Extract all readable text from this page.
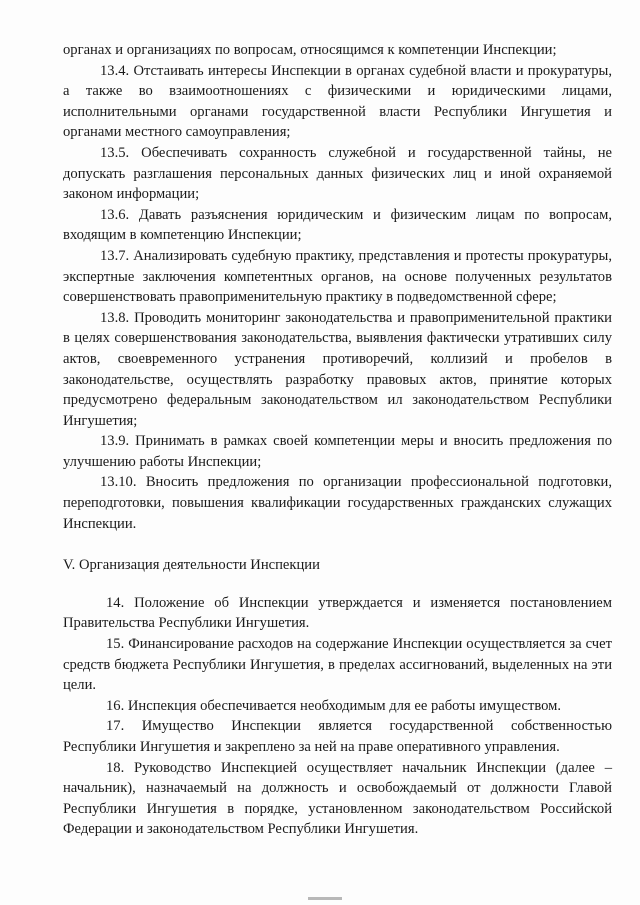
органах и организациях по вопросам, относящимся к компетенции Инспекции;

13.4. Отстаивать интересы Инспекции в органах судебной власти и прокуратуры, а также во взаимоотношениях с физическими и юридическими лицами, исполнительными органами государственной власти Республики Ингушетия и органами местного самоуправления;

13.5. Обеспечивать сохранность служебной и государственной тайны, не допускать разглашения персональных данных физических лиц и иной охраняемой законом информации;

13.6. Давать разъяснения юридическим и физическим лицам по вопросам, входящим в компетенцию Инспекции;

13.7. Анализировать судебную практику, представления и протесты прокуратуры, экспертные заключения компетентных органов, на основе полученных результатов совершенствовать правоприменительную практику в подведомственной сфере;

13.8. Проводить мониторинг законодательства и правоприменительной практики в целях совершенствования законодательства, выявления фактически утративших силу актов, своевременного устранения противоречий, коллизий и пробелов в законодательстве, осуществлять разработку правовых актов, принятие которых предусмотрено федеральным законодательством ил законодательством Республики Ингушетия;

13.9. Принимать в рамках своей компетенции меры и вносить предложения по улучшению работы Инспекции;

13.10. Вносить предложения по организации профессиональной подготовки, переподготовки, повышения квалификации государственных гражданских служащих Инспекции.

V. Организация деятельности Инспекции

14. Положение об Инспекции утверждается и изменяется постановлением Правительства Республики Ингушетия.

15. Финансирование расходов на содержание Инспекции осуществляется за счет средств бюджета Республики Ингушетия, в пределах ассигнований, выделенных на эти цели.

16. Инспекция обеспечивается необходимым для ее работы имуществом.

17. Имущество Инспекции является государственной собственностью Республики Ингушетия и закреплено за ней на праве оперативного управления.

18. Руководство Инспекцией осуществляет начальник Инспекции (далее – начальник), назначаемый на должность и освобождаемый от должности Главой Республики Ингушетия в порядке, установленном законодательством Российской Федерации и законодательством Республики Ингушетия.
